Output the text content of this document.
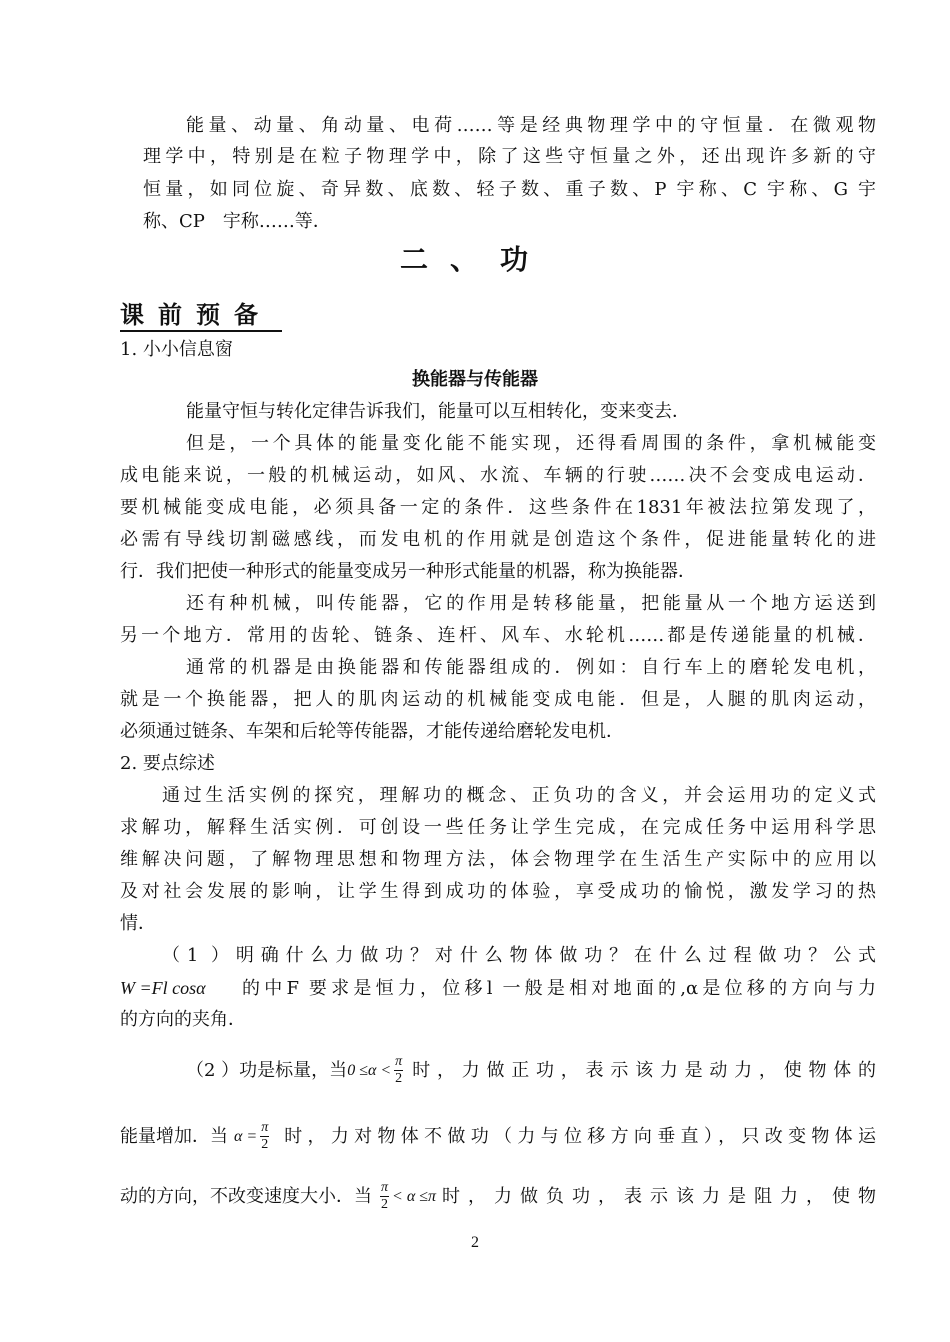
能量、动量、角动量、电荷……等是经典物理学中的守恒量．在微观物
理学中，特别是在粒子物理学中，除了这些守恒量之外，还出现许多新的守
恒量，如同位旋、奇异数、底数、轻子数、重子数、P 宇称、C 宇称、G 宇
称、CP　宇称……等．
二、功
课前预备
1. 小小信息窗
换能器与传能器
能量守恒与转化定律告诉我们，能量可以互相转化，变来变去．
但是，一个具体的能量变化能不能实现，还得看周围的条件，拿机械能变
成电能来说，一般的机械运动，如风、水流、车辆的行驶……决不会变成电运动．
要机械能变成电能，必须具备一定的条件．这些条件在1831年被法拉第发现了，
必需有导线切割磁感线，而发电机的作用就是创造这个条件，促进能量转化的进
行．我们把使一种形式的能量变成另一种形式能量的机器，称为换能器．
还有种机械，叫传能器，它的作用是转移能量，把能量从一个地方运送到
另一个地方．常用的齿轮、链条、连杆、风车、水轮机……都是传递能量的机械．
通常的机器是由换能器和传能器组成的．例如：自行车上的磨轮发电机，
就是一个换能器，把人的肌肉运动的机械能变成电能．但是，人腿的肌肉运动，
必须通过链条、车架和后轮等传能器，才能传递给磨轮发电机．
2. 要点综述
通过生活实例的探究，理解功的概念、正负功的含义，并会运用功的定义式
求解功，解释生活实例．可创设一些任务让学生完成，在完成任务中运用科学思
维解决问题，了解物理思想和物理方法，体会物理学在生活生产实际中的应用以
及对社会发展的影响，让学生得到成功的体验，享受成功的愉悦，激发学习的热
情．
（1 ）明确什么力做功？对什么物体做功？在什么过程做功？公式
W =Fl cosα 的中F 要求是恒力，位移l 一般是相对地面的,α是位移的方向与力
的方向的夹角．
（2 ）功是标量，当 $0 \le\alpha < \frac{\pi}{2}$ 时，力做正功，表示该力是动力，使物体的
能量增加．当 $\alpha = \frac{\pi}{2}$ 时，力对物体不做功（力与位移方向垂直），只改变物体运
动的方向，不改变速度大小．当 $\frac{\pi}{2} < \alpha \le\pi$ 时，力做负功，表示该力是阻力，使物
2
